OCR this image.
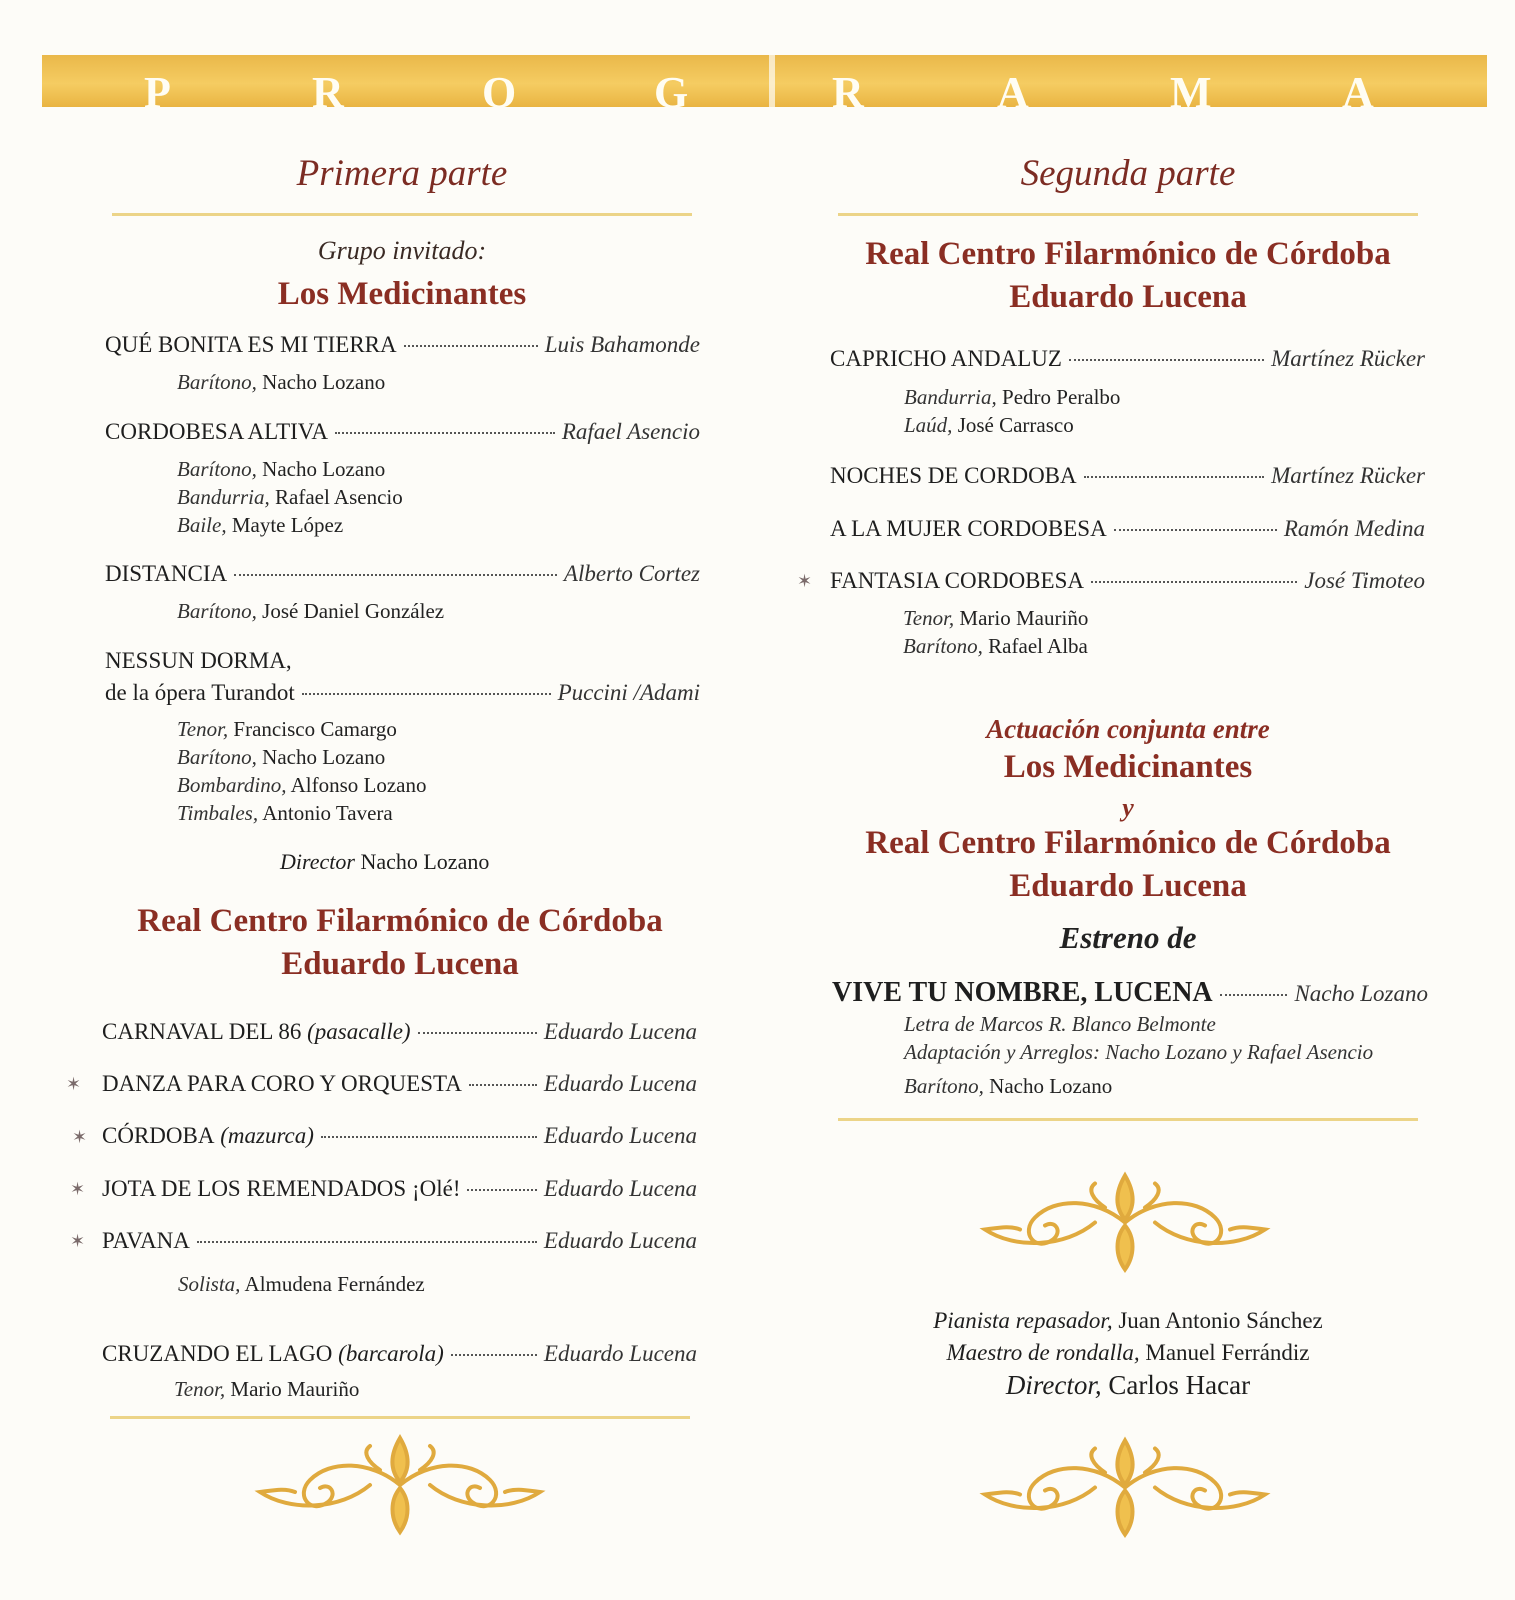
P	R	O	G	R	A	M	A
Primera parte
Grupo invitado:
Los Medicinantes
QUÉ BONITA ES MI TIERRA	Luis Bahamonde
Barítono, Nacho Lozano
CORDOBESA ALTIVA	Rafael Asencio
Barítono, Nacho Lozano
Bandurria, Rafael Asencio
Baile, Mayte López
DISTANCIA	Alberto Cortez
Barítono, José Daniel González
NESSUN DORMA,
de la ópera Turandot	Puccini /Adami
Tenor, Francisco Camargo
Barítono, Nacho Lozano
Bombardino, Alfonso Lozano
Timbales, Antonio Tavera
Director Nacho Lozano
Real Centro Filarmónico de Córdoba
Eduardo Lucena
✶
✶
✶
✶
CARNAVAL DEL 86
(pasacalle)	Eduardo Lucena
DANZA PARA CORO Y ORQUESTA	Eduardo Lucena
CÓRDOBA
(mazurca)	Eduardo Lucena
JOTA DE LOS REMENDADOS ¡Olé!	Eduardo Lucena
PAVANA	Eduardo Lucena
Solista, Almudena Fernández
CRUZANDO EL LAGO
(barcarola)	Eduardo Lucena
Tenor, Mario Mauriño
Segunda parte
Real Centro Filarmónico de Córdoba
Eduardo Lucena
CAPRICHO ANDALUZ	Martínez Rücker
Bandurria, Pedro Peralbo
Laúd, José Carrasco
NOCHES DE CORDOBA	Martínez Rücker
A LA MUJER CORDOBESA	Ramón Medina
✶ FANTASIA CORDOBESA	José Timoteo
Tenor, Mario Mauriño
Barítono, Rafael Alba
Actuación conjunta entre
Los Medicinantes
y
Real Centro Filarmónico de Córdoba
Eduardo Lucena
Estreno de
VIVE TU NOMBRE, LUCENA	Nacho Lozano
Letra de Marcos R. Blanco Belmonte
Adaptación y Arreglos: Nacho Lozano y Rafael Asencio
Barítono, Nacho Lozano
Pianista repasador, Juan Antonio Sánchez
Maestro de rondalla, Manuel Ferrándiz
Director, Carlos Hacar
